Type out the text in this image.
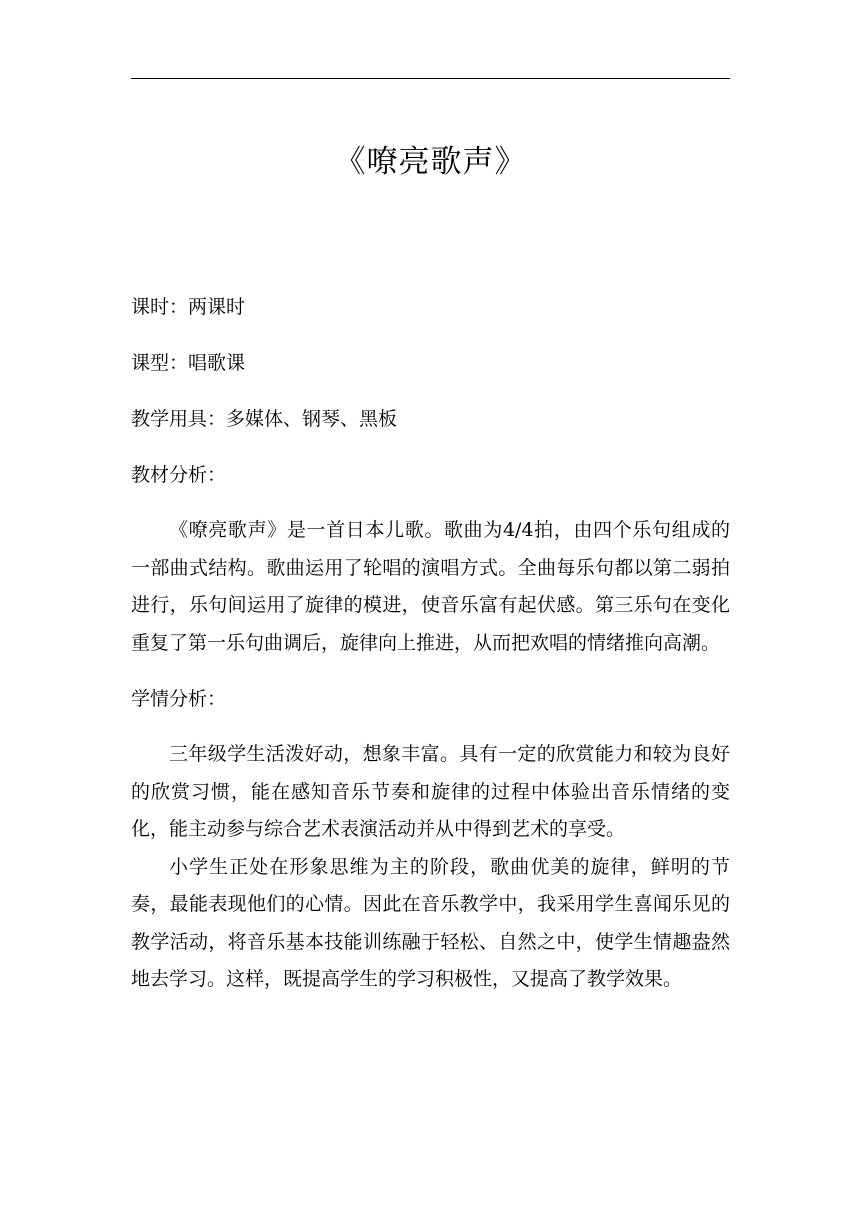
《嘹亮歌声》

课时：两课时

课型：唱歌课

教学用具：多媒体、钢琴、黑板

教材分析：

《嘹亮歌声》是一首日本儿歌。歌曲为4/4拍，由四个乐句组成的一部曲式结构。歌曲运用了轮唱的演唱方式。全曲每乐句都以第二弱拍进行，乐句间运用了旋律的模进，使音乐富有起伏感。第三乐句在变化重复了第一乐句曲调后，旋律向上推进，从而把欢唱的情绪推向高潮。

学情分析：

三年级学生活泼好动，想象丰富。具有一定的欣赏能力和较为良好的欣赏习惯，能在感知音乐节奏和旋律的过程中体验出音乐情绪的变化，能主动参与综合艺术表演活动并从中得到艺术的享受。

小学生正处在形象思维为主的阶段，歌曲优美的旋律，鲜明的节奏，最能表现他们的心情。因此在音乐教学中，我采用学生喜闻乐见的教学活动，将音乐基本技能训练融于轻松、自然之中，使学生情趣盎然地去学习。这样，既提高学生的学习积极性，又提高了教学效果。
